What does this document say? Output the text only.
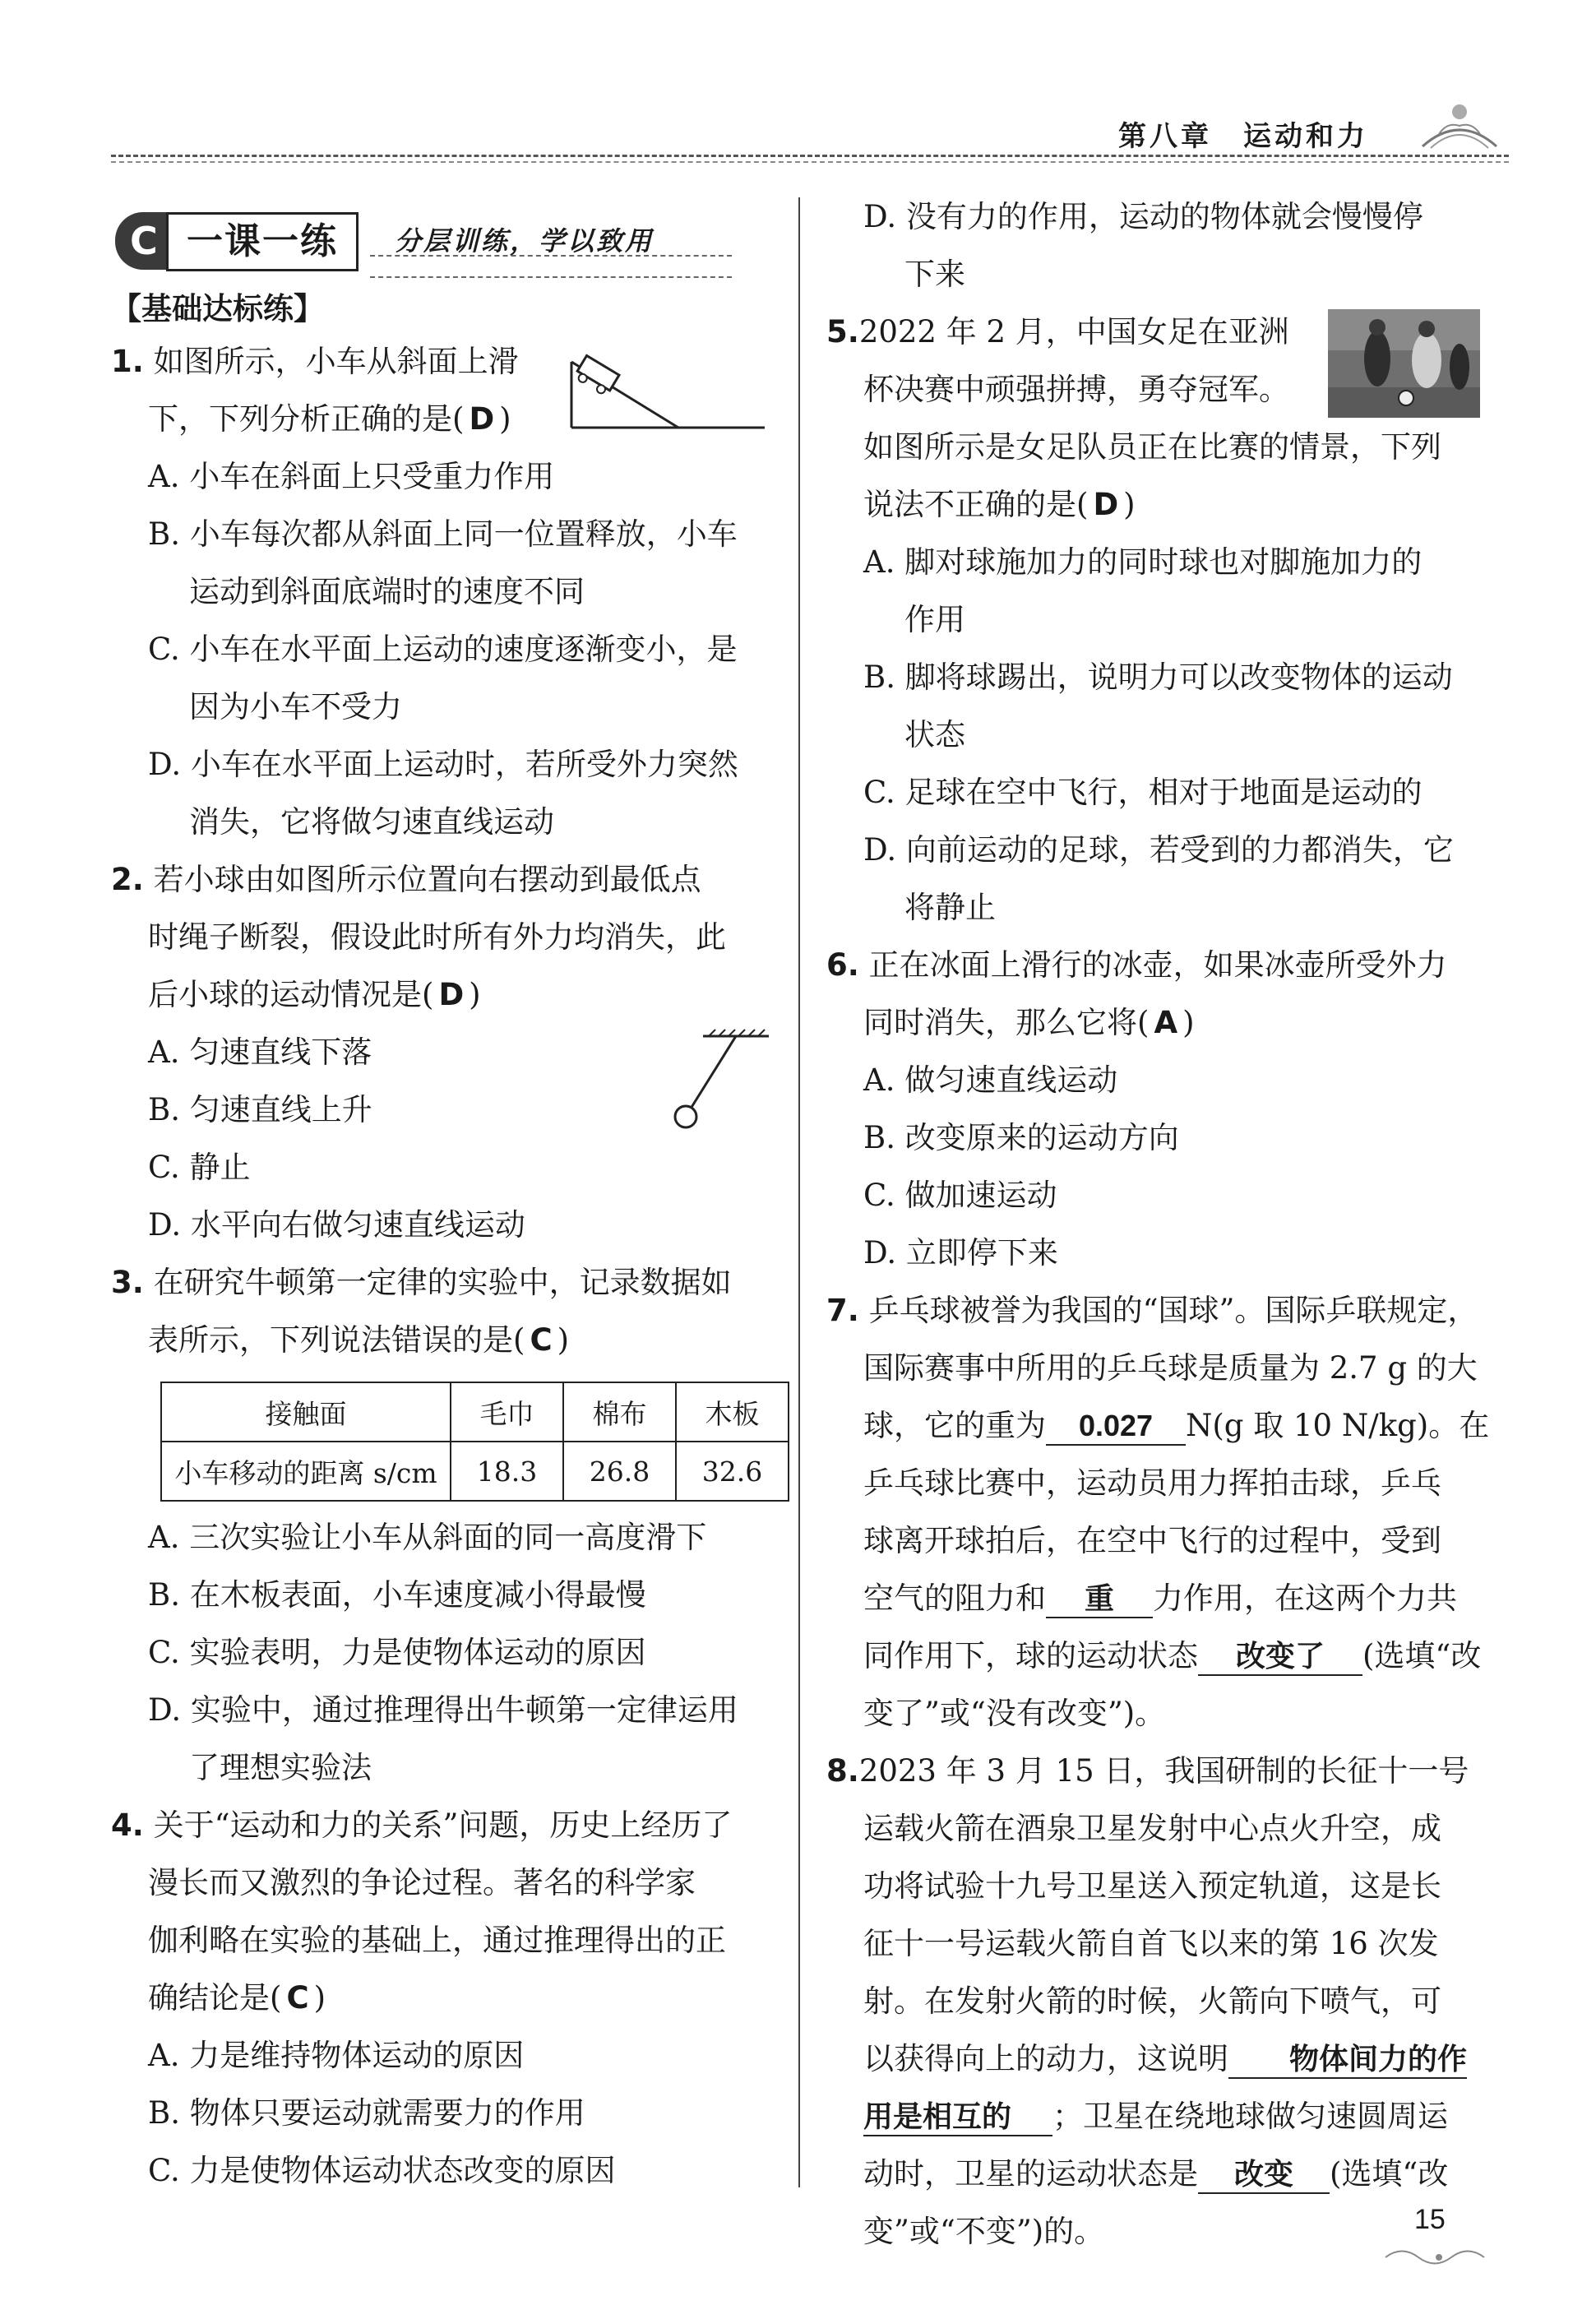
第八章　运动和力
C 一课一练	分层训练，学以致用
【基础达标练】
1. 如图所示，小车从斜面上滑
下，下列分析正确的是( D )
A. 小车在斜面上只受重力作用
B. 小车每次都从斜面上同一位置释放，小车
运动到斜面底端时的速度不同
C. 小车在水平面上运动的速度逐渐变小，是
因为小车不受力
D. 小车在水平面上运动时，若所受外力突然
消失，它将做匀速直线运动
2. 若小球由如图所示位置向右摆动到最低点
时绳子断裂，假设此时所有外力均消失，此
后小球的运动情况是( D )
A. 匀速直线下落
B. 匀速直线上升
C. 静止
D. 水平向右做匀速直线运动
3. 在研究牛顿第一定律的实验中，记录数据如
表所示，下列说法错误的是( C )
接触面	毛巾	棉布	木板
小车移动的距离 s/cm	18.3	26.8	32.6
A. 三次实验让小车从斜面的同一高度滑下
B. 在木板表面，小车速度减小得最慢
C. 实验表明，力是使物体运动的原因
D. 实验中，通过推理得出牛顿第一定律运用
了理想实验法
4. 关于“运动和力的关系”问题，历史上经历了
漫长而又激烈的争论过程。著名的科学家
伽利略在实验的基础上，通过推理得出的正
确结论是( C )
A. 力是维持物体运动的原因
B. 物体只要运动就需要力的作用
C. 力是使物体运动状态改变的原因
D. 没有力的作用，运动的物体就会慢慢停
下来
5.2022 年 2 月，中国女足在亚洲
杯决赛中顽强拼搏，勇夺冠军。
如图所示是女足队员正在比赛的情景，下列
说法不正确的是( D )
A. 脚对球施加力的同时球也对脚施加力的
作用
B. 脚将球踢出，说明力可以改变物体的运动
状态
C. 足球在空中飞行，相对于地面是运动的
D. 向前运动的足球，若受到的力都消失，它
将静止
6. 正在冰面上滑行的冰壶，如果冰壶所受外力
同时消失，那么它将( A )
A. 做匀速直线运动
B. 改变原来的运动方向
C. 做加速运动
D. 立即停下来
7. 乒乓球被誉为我国的“国球”。国际乒联规定，
国际赛事中所用的乒乓球是质量为 2.7 g 的大
球，它的重为 0.027 N(g 取 10 N/kg)。在
乒乓球比赛中，运动员用力挥拍击球，乒乓
球离开球拍后，在空中飞行的过程中，受到
空气的阻力和 重 力作用，在这两个力共
同作用下，球的运动状态 改变了 (选填“改
变了”或“没有改变”)。
8.2023 年 3 月 15 日，我国研制的长征十一号
运载火箭在酒泉卫星发射中心点火升空，成
功将试验十九号卫星送入预定轨道，这是长
征十一号运载火箭自首飞以来的第 16 次发
射。在发射火箭的时候，火箭向下喷气，可
以获得向上的动力，这说明 物体间力的作
用是相互的 ；卫星在绕地球做匀速圆周运
动时，卫星的运动状态是 改变 (选填“改
变”或“不变”)的。	15
